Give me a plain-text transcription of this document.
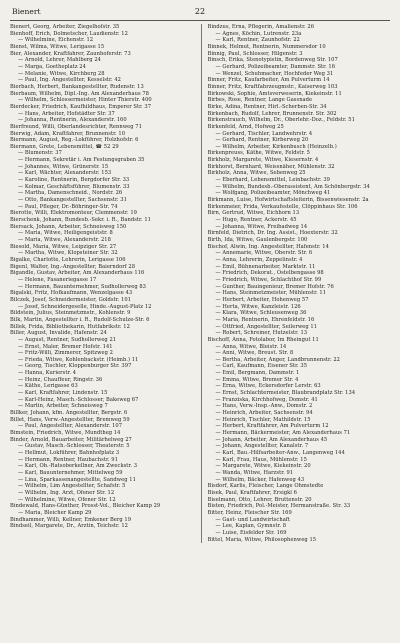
Bienert	22
Bienert, Georg, Arbeiter, Ziegelhofstr. 35
Bienhoff, Erich, Dolmetscher, Laudienstr. 12
— Wilhelmine, Eichenstr. 12
Bienst, Wilma, Witwe, Lerigasse 15
Bier, Alexander, Kraftfahrer, Zaunhoferstr. 73
— Arnold, Lehrer, Mahlberg 24
— Marga, Goetheplatz 24
— Melanie, Witwe, Kirchberg 28
— Paul, Ing. Angestellter, Kesselstr. 42
Bierbach, Herbert, Bankangestellter, Rudenstr. 13
Bierbaum, Wilhelm, Dipl.-Ing. Am Alexanderhaus 78
— Wilhelm, Schlossermeister, Hinter Thierstr. 400
Bierdecker, Friedrich, Kaufhildhaus, Emperer Str. 37
— Hans, Arbeiter, Hofstädter Str. 37
— Johanna, Rentnerin, Alexanderstr. 160
Bierfreund, Willi, Oberlandesrichter, Rennweg 71
Bierwig, Adam, Kraftfahrer, Brunnenstr. 10
Biermann, August, Reg.-Lokführer, Holzhofstr. 6
Biermann, Grete, Lebensmittel, ☎ 52 29
— Blumenstr. 37
— Hermann, Sekretär i. Am Festungsgraben 35
— Johannes, Witwe, Grünerstr. 15
— Karl, Wächter, Alexanderstr. 153
— Karoline, Rentnerin, Bergdorfer Str. 33
— Kolmar, Geschäftsführer, Blumenstr. 33
— Martha, Damenschneid., Nordstr. 26
— Otto, Bankangestellter, Sachsenstr. 31
— Paul, Pfleger, Dr.-Böhringer-Str. 74
Bierotte, Willi, Elektromonteur, Clemmenstr. 19
Bierschenk, Johann, Bundesb.-Sekr. i. R., Bandstr. 11
Biersack, Johann, Arbeiter, Schneisweg 150
— Maria, Witwe, Heiligengeiststr. 8
— Maria, Witwe, Alexanderstr. 218
Biesold, Maria, Witwe, Leipziger Str. 27
— Martha, Witwe, Klopsteiner Str. 32
Bigalke, Charlotte, Lehrerin, Lerigasse 106
Bigenl, Walter, Ing.-Angestellter, Baierndorf 28
Bigandle, Gustav, Arbeiter, Am Alexanderhaus 116
— Helene, Fasaneriegasse 17
— Hermann, Bauunternehmer, Sudhollerweg 83
Bigalski, Fritz, Hofkaufmann, Wenzelgasse 43
Bilczek, Josef, Schneidermeister, Goldstr. 101
— Josef, Schneidergeselle, Hinde.-August-Platz 12
Bildstein, Julius, Steinmetzmstr., Kohlenstr. 9
Bilk, Martin, Angestellter i. R., Rudolf-Schulze-Str. 6
Billek, Frida, Bibliothekarin, Hutfabrikstr. 12
Biller, August, Invalide, Hafenstr. 24
— August, Rentner, Sudhollerweg 21
— Ernst, Maler, Bremer Hofstr. 141
— Fritz-Willi, Zimmerer, Spitzweg 2
— Frieda, Witwe, Kohlenbackstr. (Heimb.) 11
— Georg, Tischler, Kloppenburger Str. 397
— Hanna, Kurierstr. 4
— Heinz, Chauffeur, Ringstr. 36
— Käthe, Lerigasse 63
— Karl, Kraftfahrer, Lindenstr. 15
— Karl-Heinz, Masch.-Schlosser, Bakeweg 67
— Martin, Arbeiter, Schneisweg 7
Billker, Johann, kfm. Angestellter, Bergstr. 6
Billet, Hans, Verw.-Angestellter, Bremweg 59
— Paul, Angestellter, Alexanderstr. 107
Bimstein, Friedrich, Witwe, Mundtheg 14
Binder, Arnold, Bauarbeiter, Militärhelweg 27
— Gustav, Masch.-Schlosser, Theaterstr. 5
— Hellmut, Lokführer, Bahnhofplatz 3
— Hermann, Rentner, Haubachstr. 91
— Karl, Ob.-Ratsoberkellner, Am Zweckstr. 3
— Karl, Bauunternehmer, Mittelweg 59
— Lina, Sparkassenangestellte, Sandweg 11
— Wilhelm, Lim Angestellter, Schafstr. 5
— Wilhelm, Ing. Arzt, Ofener Str. 12
— Wilhelmine, Witwe, Ofener Str. 12
Bindewald, Hans-Günther, Prosst-Vol., Bleicher Kamp 29
— Maria, Bleicher Kamp 29
Bindhammer, Willi, Kellner, Emkener Berg 19
Bindseil, Margarete, Dr., Ärztin, Teichstr. 12
Bindzus, Erna, Pflegerin, Amalienstr. 26
— Agnes, Köchin, Lutrenstr. 23a
— Karl, Rentner, Zaunhofstr. 22
Binnek, Helmut, Rentnerin, Nummersdor 10
Binnig, Paul, Schlosser, Hilgenstr. 3
Binsch, Erika, Stenotypistin, Bordenweg Str. 107
— Gerhard, Polizeibeamter, Dammstr. Str. 16
— Wenzel, Schuhmacher, Hochfeder Weg 31
Binner, Fritz, Kaufarbeiter, Am Pulverturm 14
Binner, Fritz, Kraftfahrzeugmstr., Kaiserweg 103
Birkowski, Sophie, Amtsverweserin, Kiekeinstr. 11
Birbes, Rose, Rentner, Lange Gassnade
Birke, Adina, Rentner, Hirl.-Scherben-Str. 34
Birkenbach, Rudolf, Lehrer, Brunnenstr. Str. 302
Birkenstrauch, Wilhelm, Dr., Oberlehr.-Doz., Feldstr. 51
Birkenfeld, Arnd, Hofweg 25
— Gerhard, Tischler, Landwehrstr. 4
— Gerhard, Rentner, Kirberweg 20
— Wilhelm, Arbeiter, Kirkenbusch (Heinzelb.)
Birkenpreuss, Käthe, Witwe, Feldstr. 5
Birkholz, Margarete, Witwe, Kiesernstr. 4
Birkhorst, Bernhard, Weissnäher, Mühlenstr. 32
Birkholz, Anna, Witwe, Sebenweg 25
— Eberhard, Lebensmittel, Leinbachstr. 39
— Wilhelm, Bundesb.-Oberassistent, Am Schönbergstr. 34
— Wolfgang, Polizeibeamter, Mönchweg 41
Birkmann, Luise, Hofwirtschaftsleiterin, Bissenwiesenstr. 2a
Birkenmeier, Frida, Verkaufsstelle, Clöppinhaus Str. 106
Birn, Gertrud, Witwe, Eichhorn 13
— Hugo, Rentner, Ackerstr. 45
— Johanna, Witwe, Freibadweg 14
Birnfeld, Dietrich, Dr. Ing. Assist., Hoexterstr. 32
Birth, Ida, Witwe, Gaulenbergstr. 100
Bischof, Alwin, Ing. Angestellter, Hafenstr. 14
— Annemarie, Witwe, Oberstr. Str. 6
— Anna, Lehrerin, Zeppelinstr. 4
— Emil, Bühnenarbeiter, Marktstr. 11
— Friedrich, Dekorat., Ostelbengasse 98
— Friedrich, Witwe, Schlachthof Str. 99
— Gunther, Bauingenieur, Bremer Hofstr. 76
— Hans, Steinmetzmeister, Mühlenstr. 11
— Herbert, Arbeiter, Hohenweg 57
— Herta, Witwe, Kanzleistr. 126
— Klara, Witwe, Schleusenweg 36
— Maria, Rentnerin, Ehrenfeldstr. 16
— Ottfried, Angestellter, Seilerweg 11
— Robert, Schreiner, Hutzelstr. 13
Bischoff, Anna, Fotolabor, Im Rheingut 11
— Anna, Witwe, Bleistr. 14
— Anni, Witwe, Breust. Str. 8
— Bertha, Arbeiter, Anger, Landbrunnenstr. 22
— Carl, Kaufmann, Eisener Str. 35
— Emil, Bergmann, Dammstr. 1
— Emma, Witwe, Bremer Str. 4
— Erna, Witwe, Eckersdorfer Lerstr. 63
— Ernst, Schlachtermeister, Blaubrandplatz Str. 134
— Franziska, Kirchhofweg, Domstr. 41
— Hans, Verw.-Insp.-Anw., Domstr. 2
— Heinrich, Arbeiter, Sachsenstr. 94
— Heinrich, Tischler, Mathildstr. 15
— Herbert, Kraftfahrer, Am Pulverturm 12
— Hermann, Bäckermeister, Am Alexanderhaus 71
— Johann, Arbeiter, Am Alexanderhaus 45
— Johann, Angestellter, Kanalstr. 7
— Karl, Bau.-Hilfsarbeiter-Anw., Langenweg 144
— Karl, Frau, Haus, Mühlenstr. 15
— Margarete, Witwe, Kiekeinstr. 20
— Wanda, Witwe, Harzstr. 91
— Wilhelm, Bäcker, Hafenweg 43
Bisdorf, Karlis, Fleischer, Lange Ohmstedte
Bisek, Paul, Kraftfahrer, Ersigkl 6
Biselmann, Otto, Lehrer, Bruttenstr. 20
Bisten, Friedrich, Pol.-Meister, Hermanstraße. Str. 33
Bitter, Heinz, Fleischer Str. 169
— Gast- und Landwirtschaft
— Lee, Kaplan, Gymnstr. 8
— Luise, Eisfelder Str. 169
Bittel, Maria, Witwe, Philosophenweg 15
